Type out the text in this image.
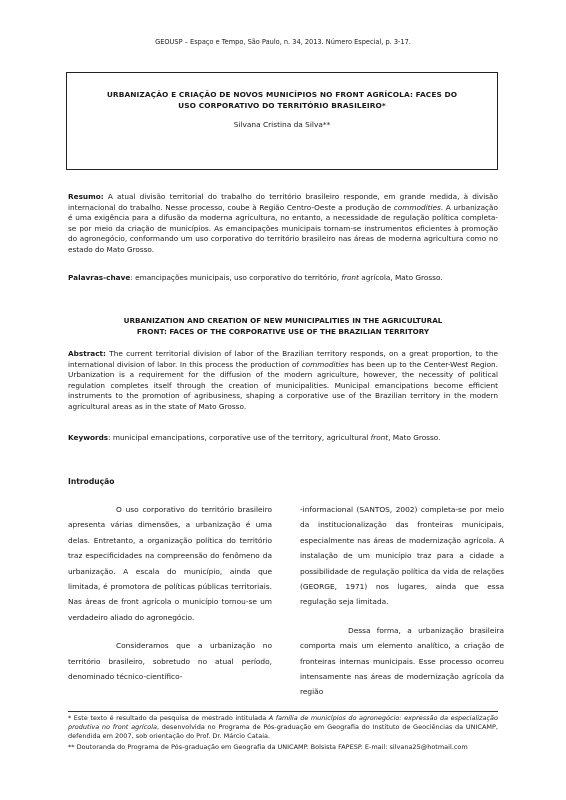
GEOUSP – Espaço e Tempo, São Paulo, n. 34, 2013. Número Especial, p. 3-17.
URBANIZAÇÃO E CRIAÇÃO DE NOVOS MUNICÍPIOS NO FRONT AGRÍCOLA: FACES DO
USO CORPORATIVO DO TERRITÓRIO BRASILEIRO*
Silvana Cristina da Silva**
Resumo: A atual divisão territorial do trabalho do território brasileiro responde, em grande medida, à divisão internacional do trabalho. Nesse processo, coube à Região Centro-Oeste a produção de commodities. A urbanização é uma exigência para a difusão da moderna agricultura, no entanto, a necessidade de regulação política completa-se por meio da criação de municípios. As emancipações municipais tornam-se instrumentos eficientes à promoção do agronegócio, conformando um uso corporativo do território brasileiro nas áreas de moderna agricultura como no estado do Mato Grosso.
Palavras-chave: emancipações municipais, uso corporativo do território, front agrícola, Mato Grosso.
URBANIZATION AND CREATION OF NEW MUNICIPALITIES IN THE AGRICULTURAL
FRONT: FACES OF THE CORPORATIVE USE OF THE BRAZILIAN TERRITORY
Abstract: The current territorial division of labor of the Brazilian territory responds, on a great proportion, to the international division of labor. In this process the production of commodities has been up to the Center-West Region. Urbanization is a requirement for the diffusion of the modern agriculture, however, the necessity of political regulation completes itself through the creation of municipalities. Municipal emancipations become efficient instruments to the promotion of agribusiness, shaping a corporative use of the Brazilian territory in the modern agricultural areas as in the state of Mato Grosso.
Keywords: municipal emancipations, corporative use of the territory, agricultural front, Mato Grosso.
Introdução

O uso corporativo do território brasileiro apresenta várias dimensões, a urbanização é uma delas. Entretanto, a organização política do território traz especificidades na compreensão do fenômeno da urbanização. A escala do município, ainda que limitada, é promotora de políticas públicas territoriais. Nas áreas de front agrícola o município tornou-se um verdadeiro aliado do agronegócio.

Consideramos que a urbanização no território brasileiro, sobretudo no atual período, denominado técnico-científico-

-informacional (SANTOS, 2002) completa-se por meio da institucionalização das fronteiras municipais, especialmente nas áreas de modernização agrícola. A instalação de um município traz para a cidade a possibilidade de regulação política da vida de relações (GEORGE, 1971) nos lugares, ainda que essa regulação seja limitada.

Dessa forma, a urbanização brasileira comporta mais um elemento analítico, a criação de fronteiras internas municipais. Esse processo ocorreu intensamente nas áreas de modernização agrícola da região

* Este texto é resultado da pesquisa de mestrado intitulada A família de municípios do agronegócio: expressão da especialização produtiva no front agrícola, desenvolvida no Programa de Pós-graduação em Geografia do Instituto de Geociências da UNICAMP, defendida em 2007, sob orientação do Prof. Dr. Márcio Cataia.

** Doutoranda do Programa de Pós-graduação em Geografia da UNICAMP. Bolsista FAPESP. E-mail: silvana25@hotmail.com
